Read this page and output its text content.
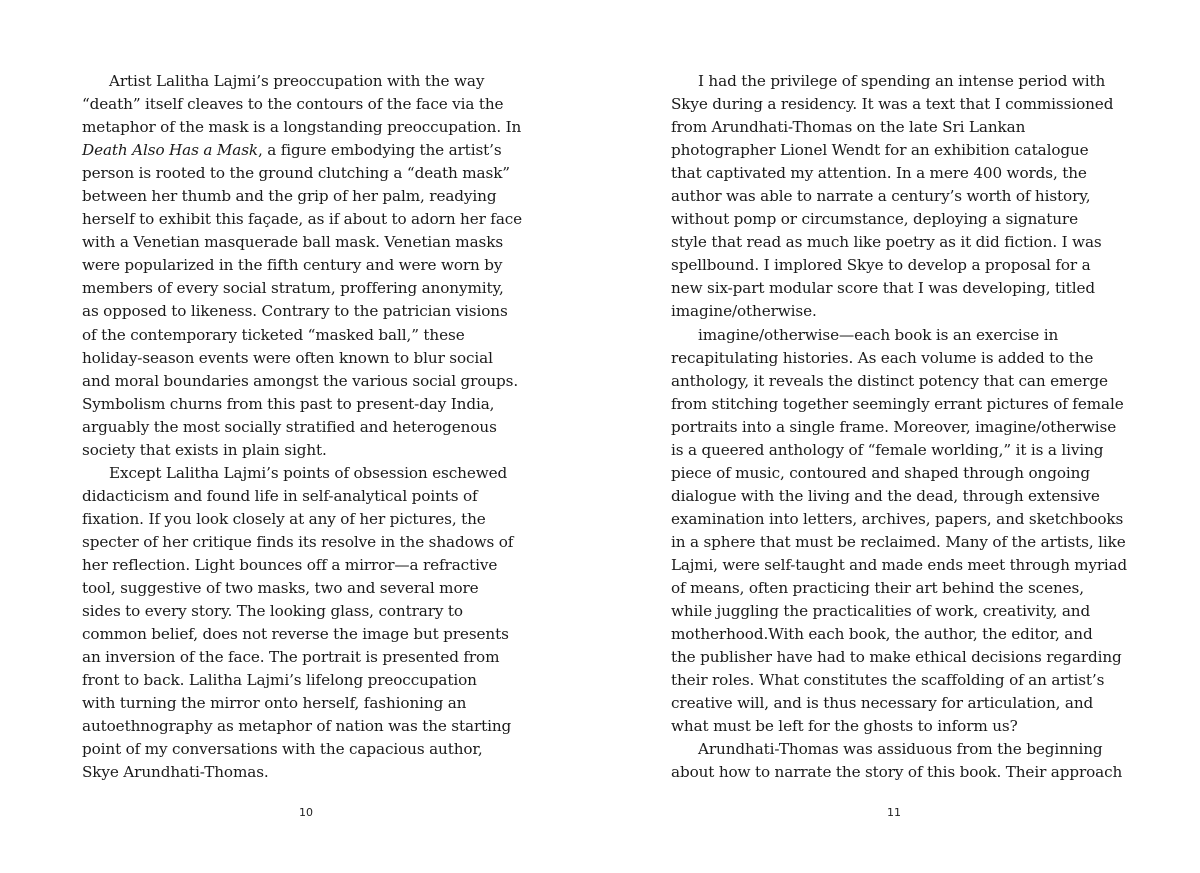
Artist Lalitha Lajmi’s preoccupation with the way
“death” itself cleaves to the contours of the face via the
metaphor of the mask is a longstanding preoccupation. In
Death Also Has a Mask, a figure embodying the artist’s
person is rooted to the ground clutching a “death mask”
between her thumb and the grip of her palm, readying
herself to exhibit this façade, as if about to adorn her face
with a Venetian masquerade ball mask. Venetian masks
were popularized in the fifth century and were worn by
members of every social stratum, proffering anonymity,
as opposed to likeness. Contrary to the patrician visions
of the contemporary ticketed “masked ball,” these
holiday-season events were often known to blur social
and moral boundaries amongst the various social groups.
Symbolism churns from this past to present-day India,
arguably the most socially stratified and heterogenous
society that exists in plain sight.
Except Lalitha Lajmi’s points of obsession eschewed
didacticism and found life in self-analytical points of
fixation. If you look closely at any of her pictures, the
specter of her critique finds its resolve in the shadows of
her reflection. Light bounces off a mirror—a refractive
tool, suggestive of two masks, two and several more
sides to every story. The looking glass, contrary to
common belief, does not reverse the image but presents
an inversion of the face. The portrait is presented from
front to back. Lalitha Lajmi’s lifelong preoccupation
with turning the mirror onto herself, fashioning an
autoethnography as metaphor of nation was the starting
point of my conversations with the capacious author,
Skye Arundhati-Thomas.
I had the privilege of spending an intense period with
Skye during a residency. It was a text that I commissioned
from Arundhati-Thomas on the late Sri Lankan
photographer Lionel Wendt for an exhibition catalogue
that captivated my attention. In a mere 400 words, the
author was able to narrate a century’s worth of history,
without pomp or circumstance, deploying a signature
style that read as much like poetry as it did fiction. I was
spellbound. I implored Skye to develop a proposal for a
new six-part modular score that I was developing, titled
imagine/otherwise.
imagine/otherwise—each book is an exercise in
recapitulating histories. As each volume is added to the
anthology, it reveals the distinct potency that can emerge
from stitching together seemingly errant pictures of female
portraits into a single frame. Moreover, imagine/otherwise
is a queered anthology of “female worlding,” it is a living
piece of music, contoured and shaped through ongoing
dialogue with the living and the dead, through extensive
examination into letters, archives, papers, and sketchbooks
in a sphere that must be reclaimed. Many of the artists, like
Lajmi, were self-taught and made ends meet through myriad
of means, often practicing their art behind the scenes,
while juggling the practicalities of work, creativity, and
motherhood.With each book, the author, the editor, and
the publisher have had to make ethical decisions regarding
their roles. What constitutes the scaffolding of an artist’s
creative will, and is thus necessary for articulation, and
what must be left for the ghosts to inform us?
Arundhati-Thomas was assiduous from the beginning
about how to narrate the story of this book. Their approach
10	11
